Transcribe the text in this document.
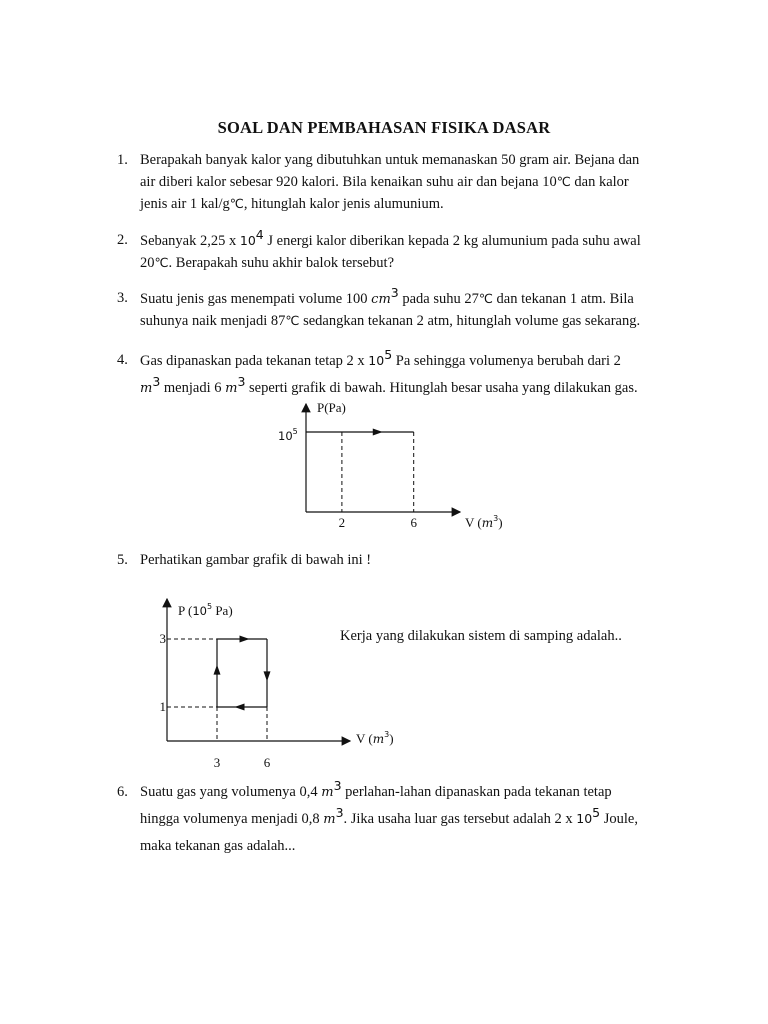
SOAL DAN PEMBAHASAN FISIKA DASAR
1. Berapakah banyak kalor yang dibutuhkan untuk memanaskan 50 gram air. Bejana dan
air diberi kalor sebesar 920 kalori. Bila kenaikan suhu air dan bejana 10℃ dan kalor
jenis air 1 kal/g℃, hitunglah kalor jenis alumunium.
2. Sebanyak 2,25 x $10^4$ J energi kalor diberikan kepada 2 kg alumunium pada suhu awal
20℃. Berapakah suhu akhir balok tersebut?
3. Suatu jenis gas menempati volume 100 $cm^3$ pada suhu 27℃ dan tekanan 1 atm. Bila
suhunya naik menjadi 87℃ sedangkan tekanan 2 atm, hitunglah volume gas sekarang.
4. Gas dipanaskan pada tekanan tetap 2 x $10^5$ Pa sehingga volumenya berubah dari 2
$m^3$ menjadi 6 $m^3$ seperti grafik di bawah. Hitunglah besar usaha yang dilakukan gas.
P(Pa)
$10^5$
2	6	V $(m^3)$
5. Perhatikan gambar grafik di bawah ini !
Kerja yang dilakukan sistem di samping adalah..
P ($10^5$ Pa)
3
1
3	6
V $(m^3)$
6. Suatu gas yang volumenya 0,4 $m^3$ perlahan-lahan dipanaskan pada tekanan tetap
hingga volumenya menjadi 0,8 $m^3$. Jika usaha luar gas tersebut adalah 2 x $10^5$ Joule,
maka tekanan gas adalah...
